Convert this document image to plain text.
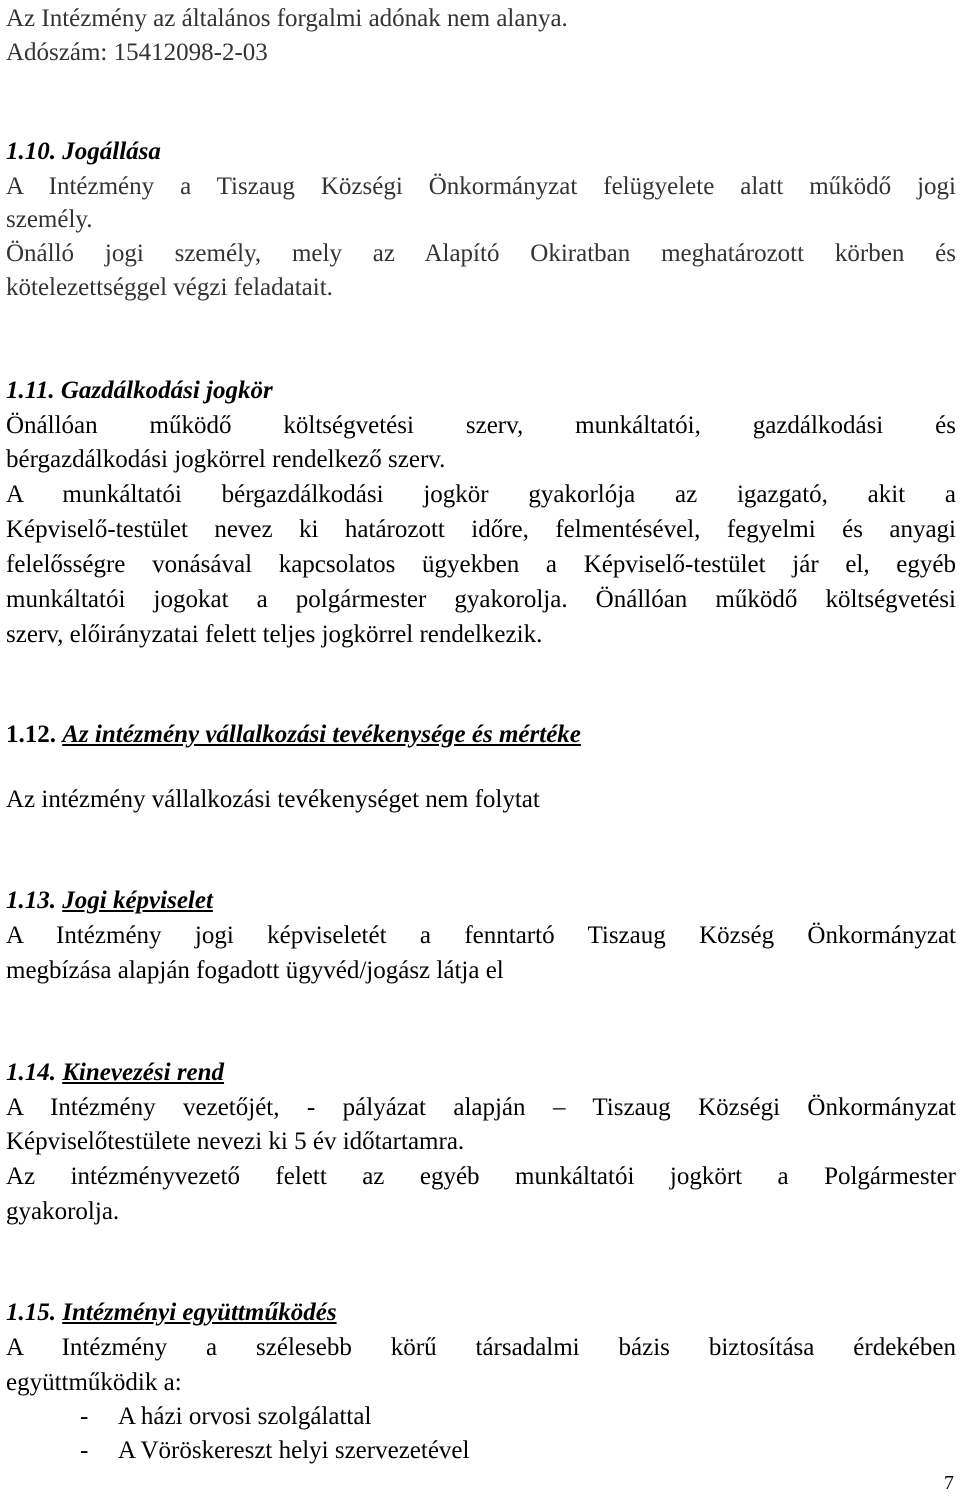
Az Intézmény az általános forgalmi adónak nem alanya.
Adószám: 15412098-2-03
1.10. Jogállása
A Intézmény a Tiszaug Községi Önkormányzat felügyelete alatt működő jogi
személy.
Önálló jogi személy, mely az Alapító Okiratban meghatározott körben és
kötelezettséggel végzi feladatait.
1.11. Gazdálkodási jogkör
Önállóan működő költségvetési szerv, munkáltatói, gazdálkodási és
bérgazdálkodási jogkörrel rendelkező szerv.
A munkáltatói bérgazdálkodási jogkör gyakorlója az igazgató, akit a
Képviselő-testület nevez ki határozott időre, felmentésével, fegyelmi és anyagi
felelősségre vonásával kapcsolatos ügyekben a Képviselő-testület jár el, egyéb
munkáltatói jogokat a polgármester gyakorolja. Önállóan működő költségvetési
szerv, előirányzatai felett teljes jogkörrel rendelkezik.
1.12. Az intézmény vállalkozási tevékenysége és mértéke
Az intézmény vállalkozási tevékenységet nem folytat
1.13. Jogi képviselet
A Intézmény jogi képviseletét a fenntartó Tiszaug Község Önkormányzat
megbízása alapján fogadott ügyvéd/jogász látja el
1.14. Kinevezési rend
A Intézmény vezetőjét, - pályázat alapján – Tiszaug Községi Önkormányzat
Képviselőtestülete nevezi ki 5 év időtartamra.
Az intézményvezető felett az egyéb munkáltatói jogkört a Polgármester
gyakorolja.
1.15. Intézményi együttműködés
A Intézmény a szélesebb körű társadalmi bázis biztosítása érdekében
együttműködik a:
- A házi orvosi szolgálattal
- A Vöröskereszt helyi szervezetével
7
